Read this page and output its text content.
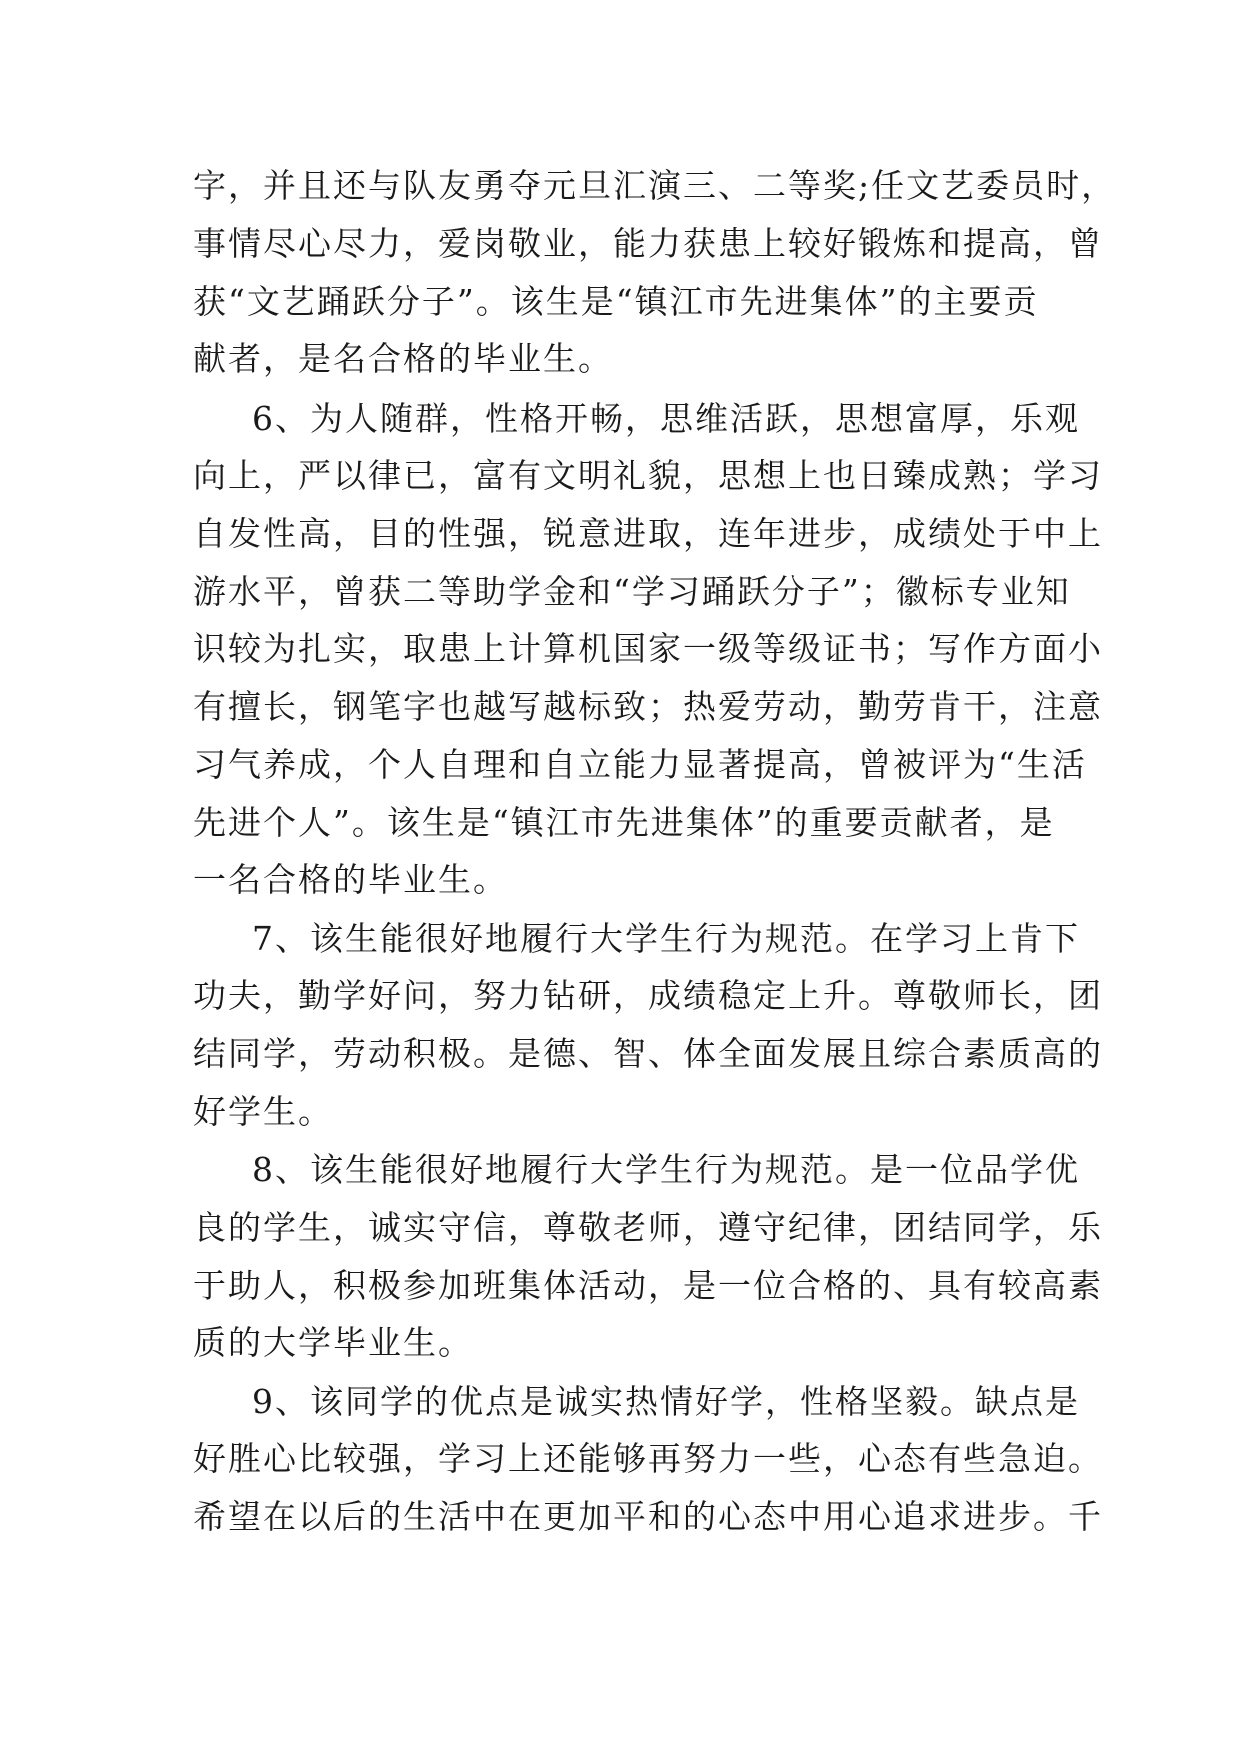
字，并且还与队友勇夺元旦汇演三、二等奖;任文艺委员时，

事情尽心尽力，爱岗敬业，能力获患上较好锻炼和提高，曾

获“文艺踊跃分子”。该生是“镇江市先进集体”的主要贡

献者，是名合格的毕业生。

6、为人随群，性格开畅，思维活跃，思想富厚，乐观

向上，严以律已，富有文明礼貌，思想上也日臻成熟；学习

自发性高，目的性强，锐意进取，连年进步，成绩处于中上

游水平，曾获二等助学金和“学习踊跃分子”；徽标专业知

识较为扎实，取患上计算机国家一级等级证书；写作方面小

有擅长，钢笔字也越写越标致；热爱劳动，勤劳肯干，注意

习气养成，个人自理和自立能力显著提高，曾被评为“生活

先进个人”。该生是“镇江市先进集体”的重要贡献者，是

一名合格的毕业生。

7、该生能很好地履行大学生行为规范。在学习上肯下

功夫，勤学好问，努力钻研，成绩稳定上升。尊敬师长，团

结同学，劳动积极。是德、智、体全面发展且综合素质高的

好学生。

8、该生能很好地履行大学生行为规范。是一位品学优

良的学生，诚实守信，尊敬老师，遵守纪律，团结同学，乐

于助人，积极参加班集体活动，是一位合格的、具有较高素

质的大学毕业生。

9、该同学的优点是诚实热情好学，性格坚毅。缺点是

好胜心比较强，学习上还能够再努力一些，心态有些急迫。

希望在以后的生活中在更加平和的心态中用心追求进步。千
